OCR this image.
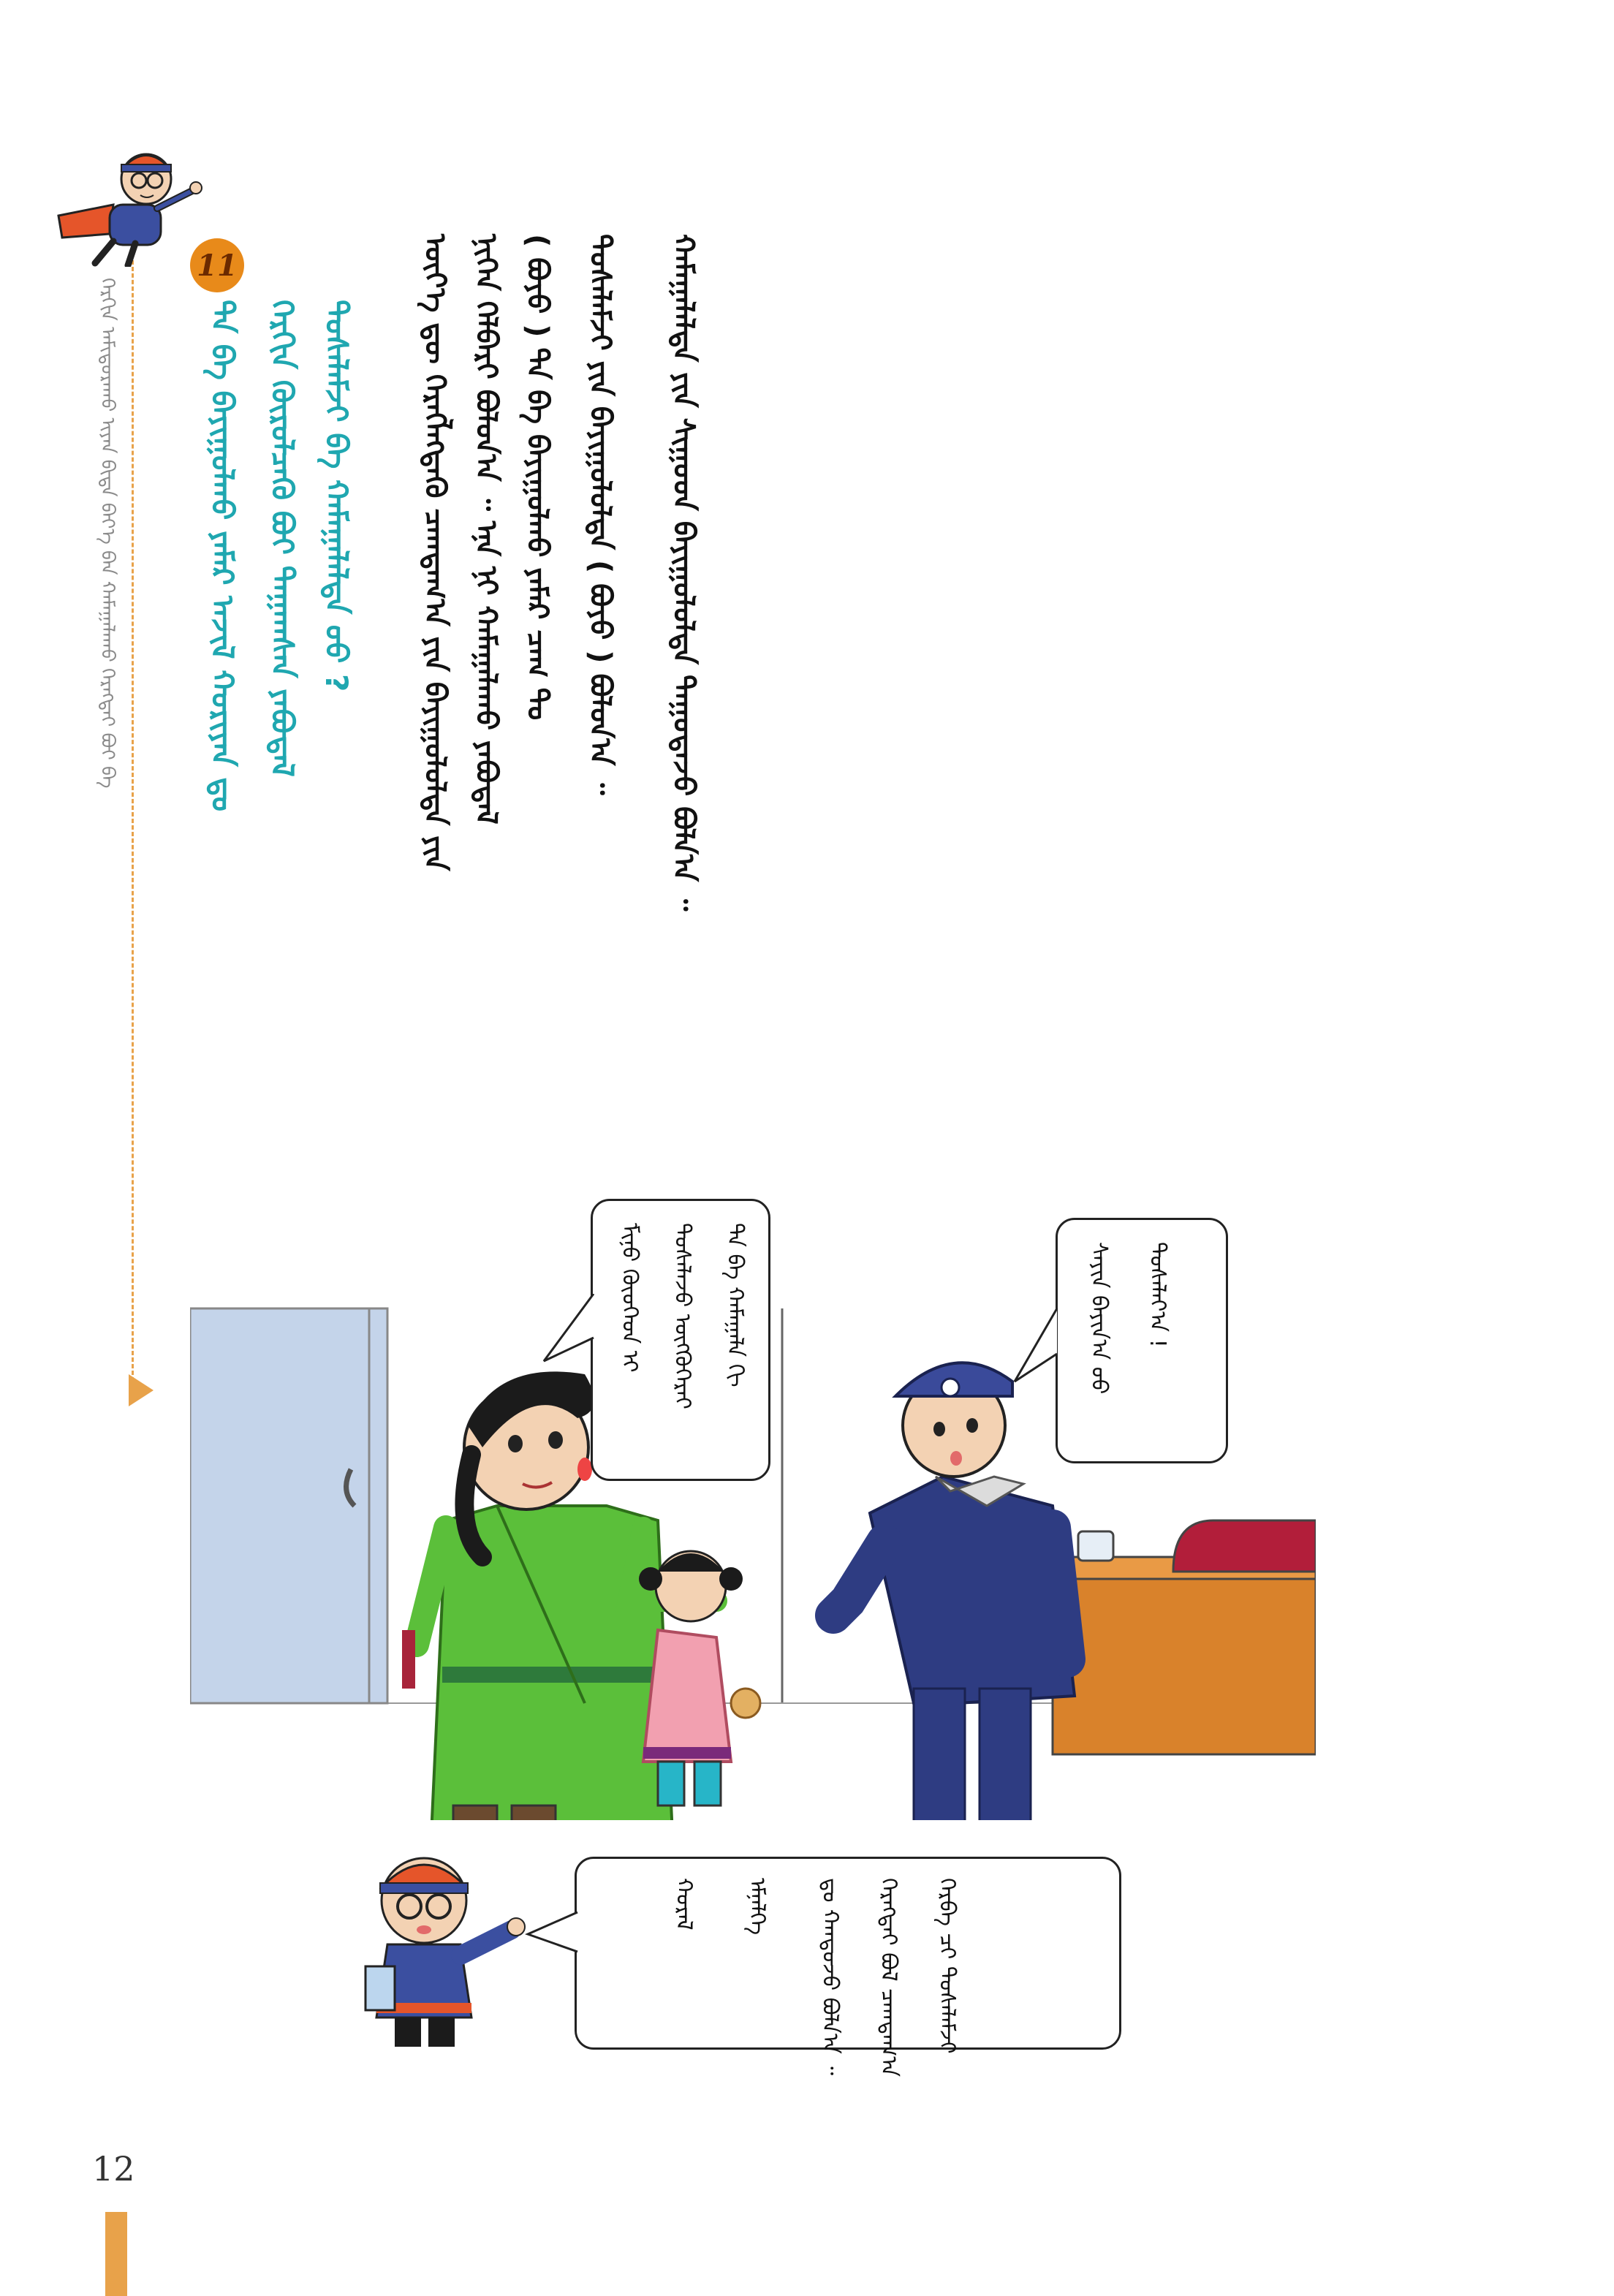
ᠬᠡᠷᠬᠢᠨ ᠠᠮᠢᠳᠤᠷᠠᠬᠤ ᠢᠶᠠᠨ ᠪᠢᠳᠡ ᠪᠡᠶ᠎ᠡ ᠪᠡᠨ ᠬᠠᠮᠠᠭᠠᠯᠠᠬᠤ ᠬᠡᠷᠡᠭᠲᠡᠢ ᠪᠤᠢ ᠪᠡ
11
ᠲᠠ ᠪᠠ ᠪᠠᠶᠢᠭᠤᠯᠬᠤ ᠶᠠᠮᠠᠷ ᠠᠵᠢᠯ ᠬᠤᠷᠢᠶᠠᠨ ᠳᠤ ᠬᠡᠷᠬᠢᠨ ᠬᠦᠷᠦᠯᠴᠡᠬᠦ ᠪᠤᠢ ᠳᠠᠭᠠᠭᠰᠠᠨ ᠶᠠᠪᠤᠳᠠᠯ ᠲᠤᠰᠠᠯᠠᠮᠵᠢ ᠪᠠ ᠬᠠᠮᠠᠭᠠᠯᠠᠯᠲᠠ ᠤᠤ ?	ᠦᠶ᠎ᠡ ᠳᠦ ᠬᠡᠷᠡᠭᠯᠡᠭᠳᠡᠬᠦ ᠴᠠᠭᠳᠠᠭ᠎ᠠ ᠶᠢᠨ ᠪᠠᠶᠢᠭᠤᠯᠤᠯᠲᠠ ᠶᠢᠨ ᠨᠢᠭᠡᠨ ᠬᠡᠯᠪᠡᠷᠢ ᠪᠤᠯᠤᠨ᠎ᠠ ᠃ ᠡᠨᠡ ᠨᠢ ᠬᠠᠮᠠᠭᠠᠯᠠᠬᠤ ᠶᠠᠪᠤᠳᠠᠯ ( ᠪᠤᠶᠤ ) ᠲᠠ ᠪᠠ ᠪᠠᠶᠢᠭᠤᠯᠬᠤ ᠶᠠᠮᠠᠷ ᠴᠠᠭ ᠲᠤ	ᠲᠤᠰᠠᠯᠠᠮᠵᠢ ᠶᠢᠨ ᠪᠠᠶᠢᠭᠤᠯᠤᠯᠲᠠ ( ᠪᠤᠶᠤ ) ᠪᠤᠯᠤᠨ᠎ᠠ ᠃	ᠬᠠᠮᠠᠭᠠᠯᠠᠯᠲᠠ ᠶᠢᠨ ᠰᠢᠭᠤᠳ ᠪᠠᠶᠢᠭᠤᠯᠤᠯᠲᠠ ᠳᠠᠭᠤᠳᠠᠵᠤ ᠪᠣᠯᠨ᠎ᠠ ᠃
ᠮᠢᠨᠤ ᠬᠦᠦᠬᠡᠳ ᠢ	ᠲᠤᠰᠠᠯᠠᠵᠤ ᠦᠭᠭᠦᠭᠡᠷᠡᠢ	ᠲᠠ ᠪᠠ ᠬᠠᠮᠠᠭᠠᠯᠠ ᠬᠢ	ᠰᠠᠶᠢᠨ ᠪᠠᠶᠢᠨ᠎ᠠ ᠤᠤ	ᠲᠤᠰᠠᠯᠠᠶ᠎ᠠ !
ᠬᠡᠷᠪᠡ ᠴᠢ ᠲᠤᠰᠠᠯᠠᠮᠵᠢ
ᠬᠡᠷᠡᠭᠲᠡᠢ ᠪᠤᠯ ᠴᠠᠭᠳᠠᠭ᠎ᠠ
ᠳᠤ ᠬᠠᠨᠳᠤᠵᠤ ᠪᠣᠯᠨ᠎ᠠ ᠃
ᠡᠮᠨᠡᠯᠭᠡ
ᠬᠤᠷᠠᠯ
12
